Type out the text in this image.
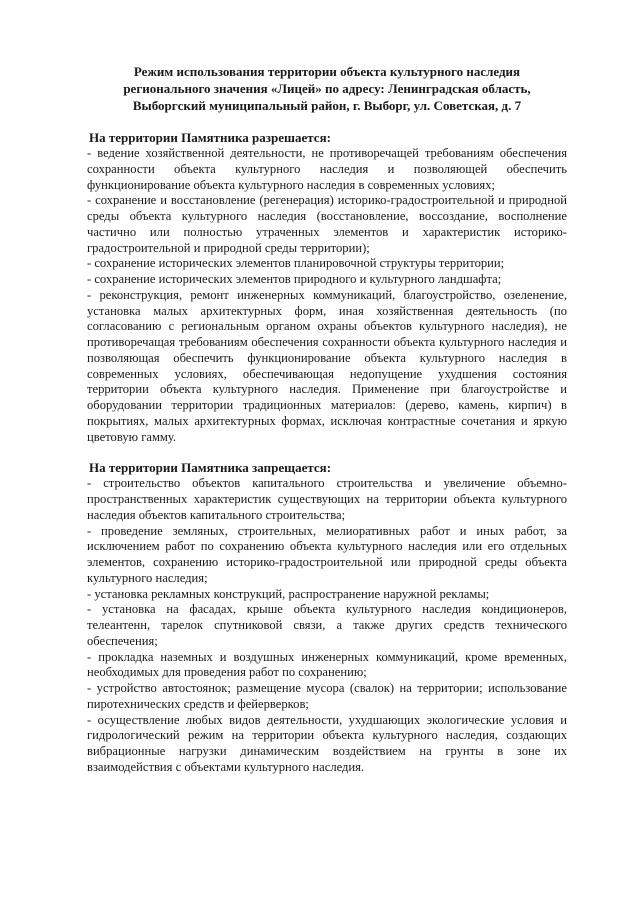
Режим использования территории объекта культурного наследия
регионального значения «Лицей» по адресу: Ленинградская область,
Выборгский муниципальный район, г. Выборг, ул. Советская, д. 7

На территории Памятника разрешается:

- ведение хозяйственной деятельности, не противоречащей требованиям обеспечения сохранности объекта культурного наследия и позволяющей обеспечить функционирование объекта культурного наследия в современных условиях;

- сохранение и восстановление (регенерация) историко-градостроительной и природной среды объекта культурного наследия (восстановление, воссоздание, восполнение частично или полностью утраченных элементов и характеристик историко-градостроительной и природной среды территории);

- сохранение исторических элементов планировочной структуры территории;

- сохранение исторических элементов природного и культурного ландшафта;

- реконструкция, ремонт инженерных коммуникаций, благоустройство, озеленение, установка малых архитектурных форм, иная хозяйственная деятельность (по согласованию с региональным органом охраны объектов культурного наследия), не противоречащая требованиям обеспечения сохранности объекта культурного наследия и позволяющая обеспечить функционирование объекта культурного наследия в современных условиях, обеспечивающая недопущение ухудшения состояния территории объекта культурного наследия. Применение при благоустройстве и оборудовании территории традиционных материалов: (дерево, камень, кирпич) в покрытиях, малых архитектурных формах, исключая контрастные сочетания и яркую цветовую гамму.

На территории Памятника запрещается:

- строительство объектов капитального строительства и увеличение объемно-пространственных характеристик существующих на территории объекта культурного наследия объектов капитального строительства;

- проведение земляных, строительных, мелиоративных работ и иных работ, за исключением работ по сохранению объекта культурного наследия или его отдельных элементов, сохранению историко-градостроительной или природной среды объекта культурного наследия;

- установка рекламных конструкций, распространение наружной рекламы;

- установка на фасадах, крыше объекта культурного наследия кондиционеров, телеантенн, тарелок спутниковой связи, а также других средств технического обеспечения;

- прокладка наземных и воздушных инженерных коммуникаций, кроме временных, необходимых для проведения работ по сохранению;

- устройство автостоянок; размещение мусора (свалок) на территории; использование пиротехнических средств и фейерверков;

- осуществление любых видов деятельности, ухудшающих экологические условия и гидрологический режим на территории объекта культурного наследия, создающих вибрационные нагрузки динамическим воздействием на грунты в зоне их взаимодействия с объектами культурного наследия.
